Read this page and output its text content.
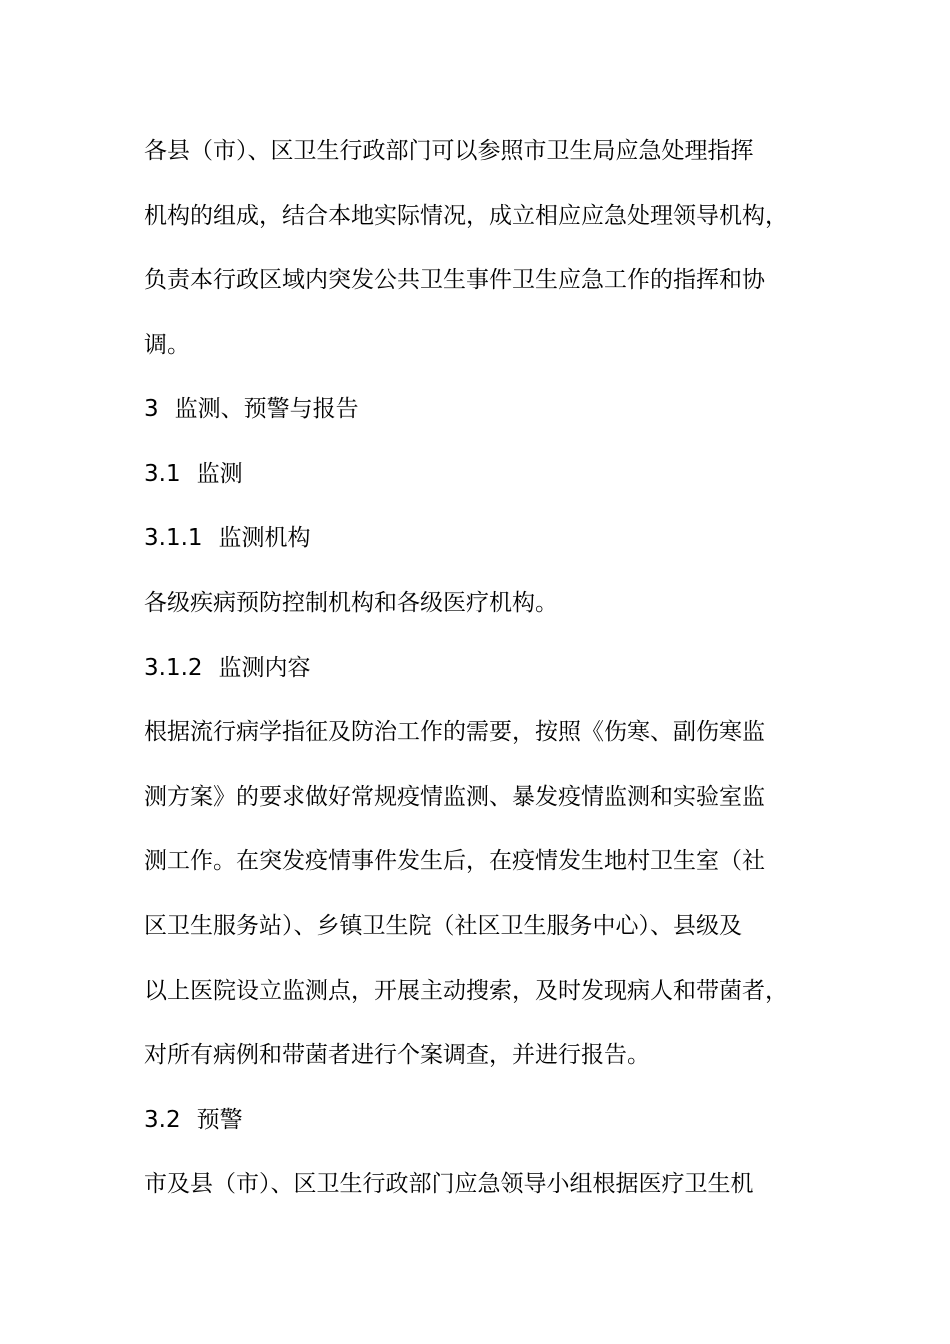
各县（市）、区卫生行政部门可以参照市卫生局应急处理指挥
机构的组成，结合本地实际情况，成立相应应急处理领导机构，
负责本行政区域内突发公共卫生事件卫生应急工作的指挥和协
调。
3 监测、预警与报告
3.1 监测
3.1.1 监测机构
各级疾病预防控制机构和各级医疗机构。
3.1.2 监测内容
根据流行病学指征及防治工作的需要，按照《伤寒、副伤寒监
测方案》的要求做好常规疫情监测、暴发疫情监测和实验室监
测工作。在突发疫情事件发生后，在疫情发生地村卫生室（社
区卫生服务站）、乡镇卫生院（社区卫生服务中心）、县级及
以上医院设立监测点，开展主动搜索，及时发现病人和带菌者，
对所有病例和带菌者进行个案调查，并进行报告。
3.2 预警
市及县（市）、区卫生行政部门应急领导小组根据医疗卫生机
